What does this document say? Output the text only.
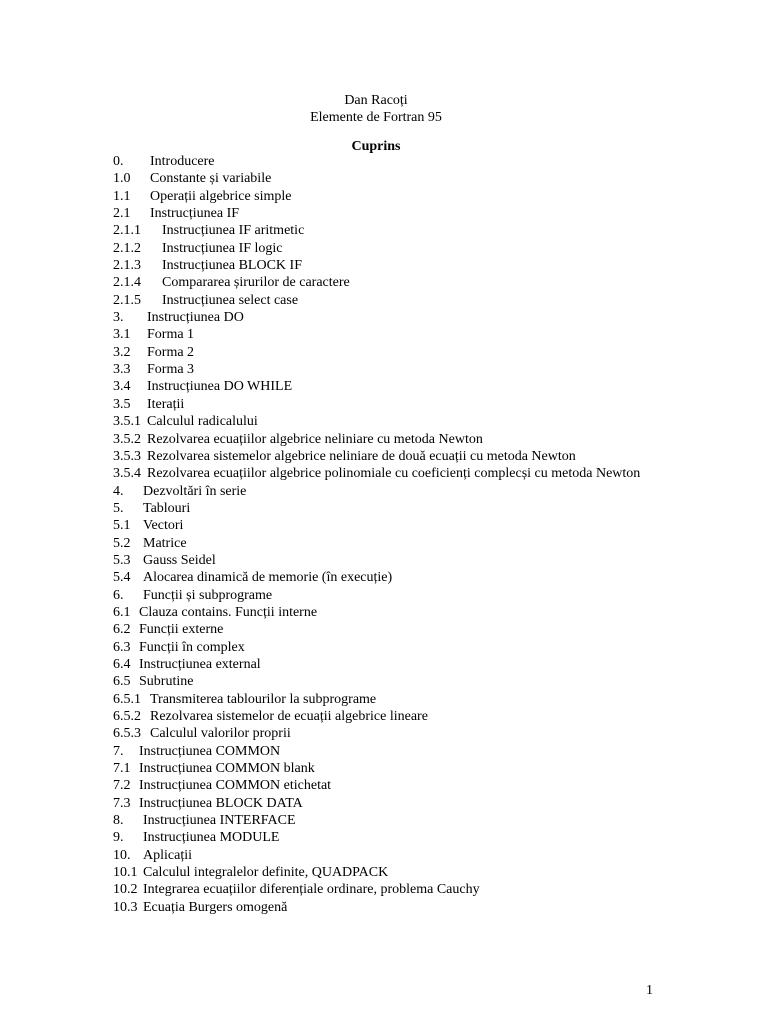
Dan Racoți
Elemente de Fortran 95
Cuprins
0. Introducere
1.0 Constante și variabile
1.1 Operații algebrice simple
2.1 Instrucțiunea IF
2.1.1 Instrucțiunea IF aritmetic
2.1.2 Instrucțiunea IF logic
2.1.3 Instrucțiunea BLOCK IF
2.1.4 Compararea șirurilor de caractere
2.1.5 Instrucțiunea select case
3. Instrucțiunea DO
3.1 Forma 1
3.2 Forma 2
3.3 Forma 3
3.4 Instrucțiunea DO WHILE
3.5 Iterații
3.5.1 Calculul radicalului
3.5.2 Rezolvarea ecuațiilor algebrice neliniare cu metoda Newton
3.5.3 Rezolvarea sistemelor algebrice neliniare de două ecuații cu metoda Newton
3.5.4 Rezolvarea ecuațiilor algebrice polinomiale cu coeficienți complecși cu metoda Newton
4. Dezvoltări în serie
5. Tablouri
5.1 Vectori
5.2 Matrice
5.3 Gauss Seidel
5.4 Alocarea dinamică de memorie (în execuție)
6. Funcții și subprograme
6.1 Clauza contains. Funcții interne
6.2 Funcții externe
6.3 Funcții în complex
6.4 Instrucțiunea external
6.5 Subrutine
6.5.1 Transmiterea tablourilor la subprograme
6.5.2 Rezolvarea sistemelor de ecuații algebrice lineare
6.5.3 Calculul valorilor proprii
7. Instrucțiunea COMMON
7.1 Instrucțiunea COMMON blank
7.2 Instrucțiunea COMMON etichetat
7.3 Instrucțiunea BLOCK DATA
8. Instrucțiunea INTERFACE
9. Instrucțiunea MODULE
10. Aplicații
10.1 Calculul integralelor definite, QUADPACK
10.2 Integrarea ecuațiilor diferențiale ordinare, problema Cauchy
10.3 Ecuația Burgers omogenă
1
